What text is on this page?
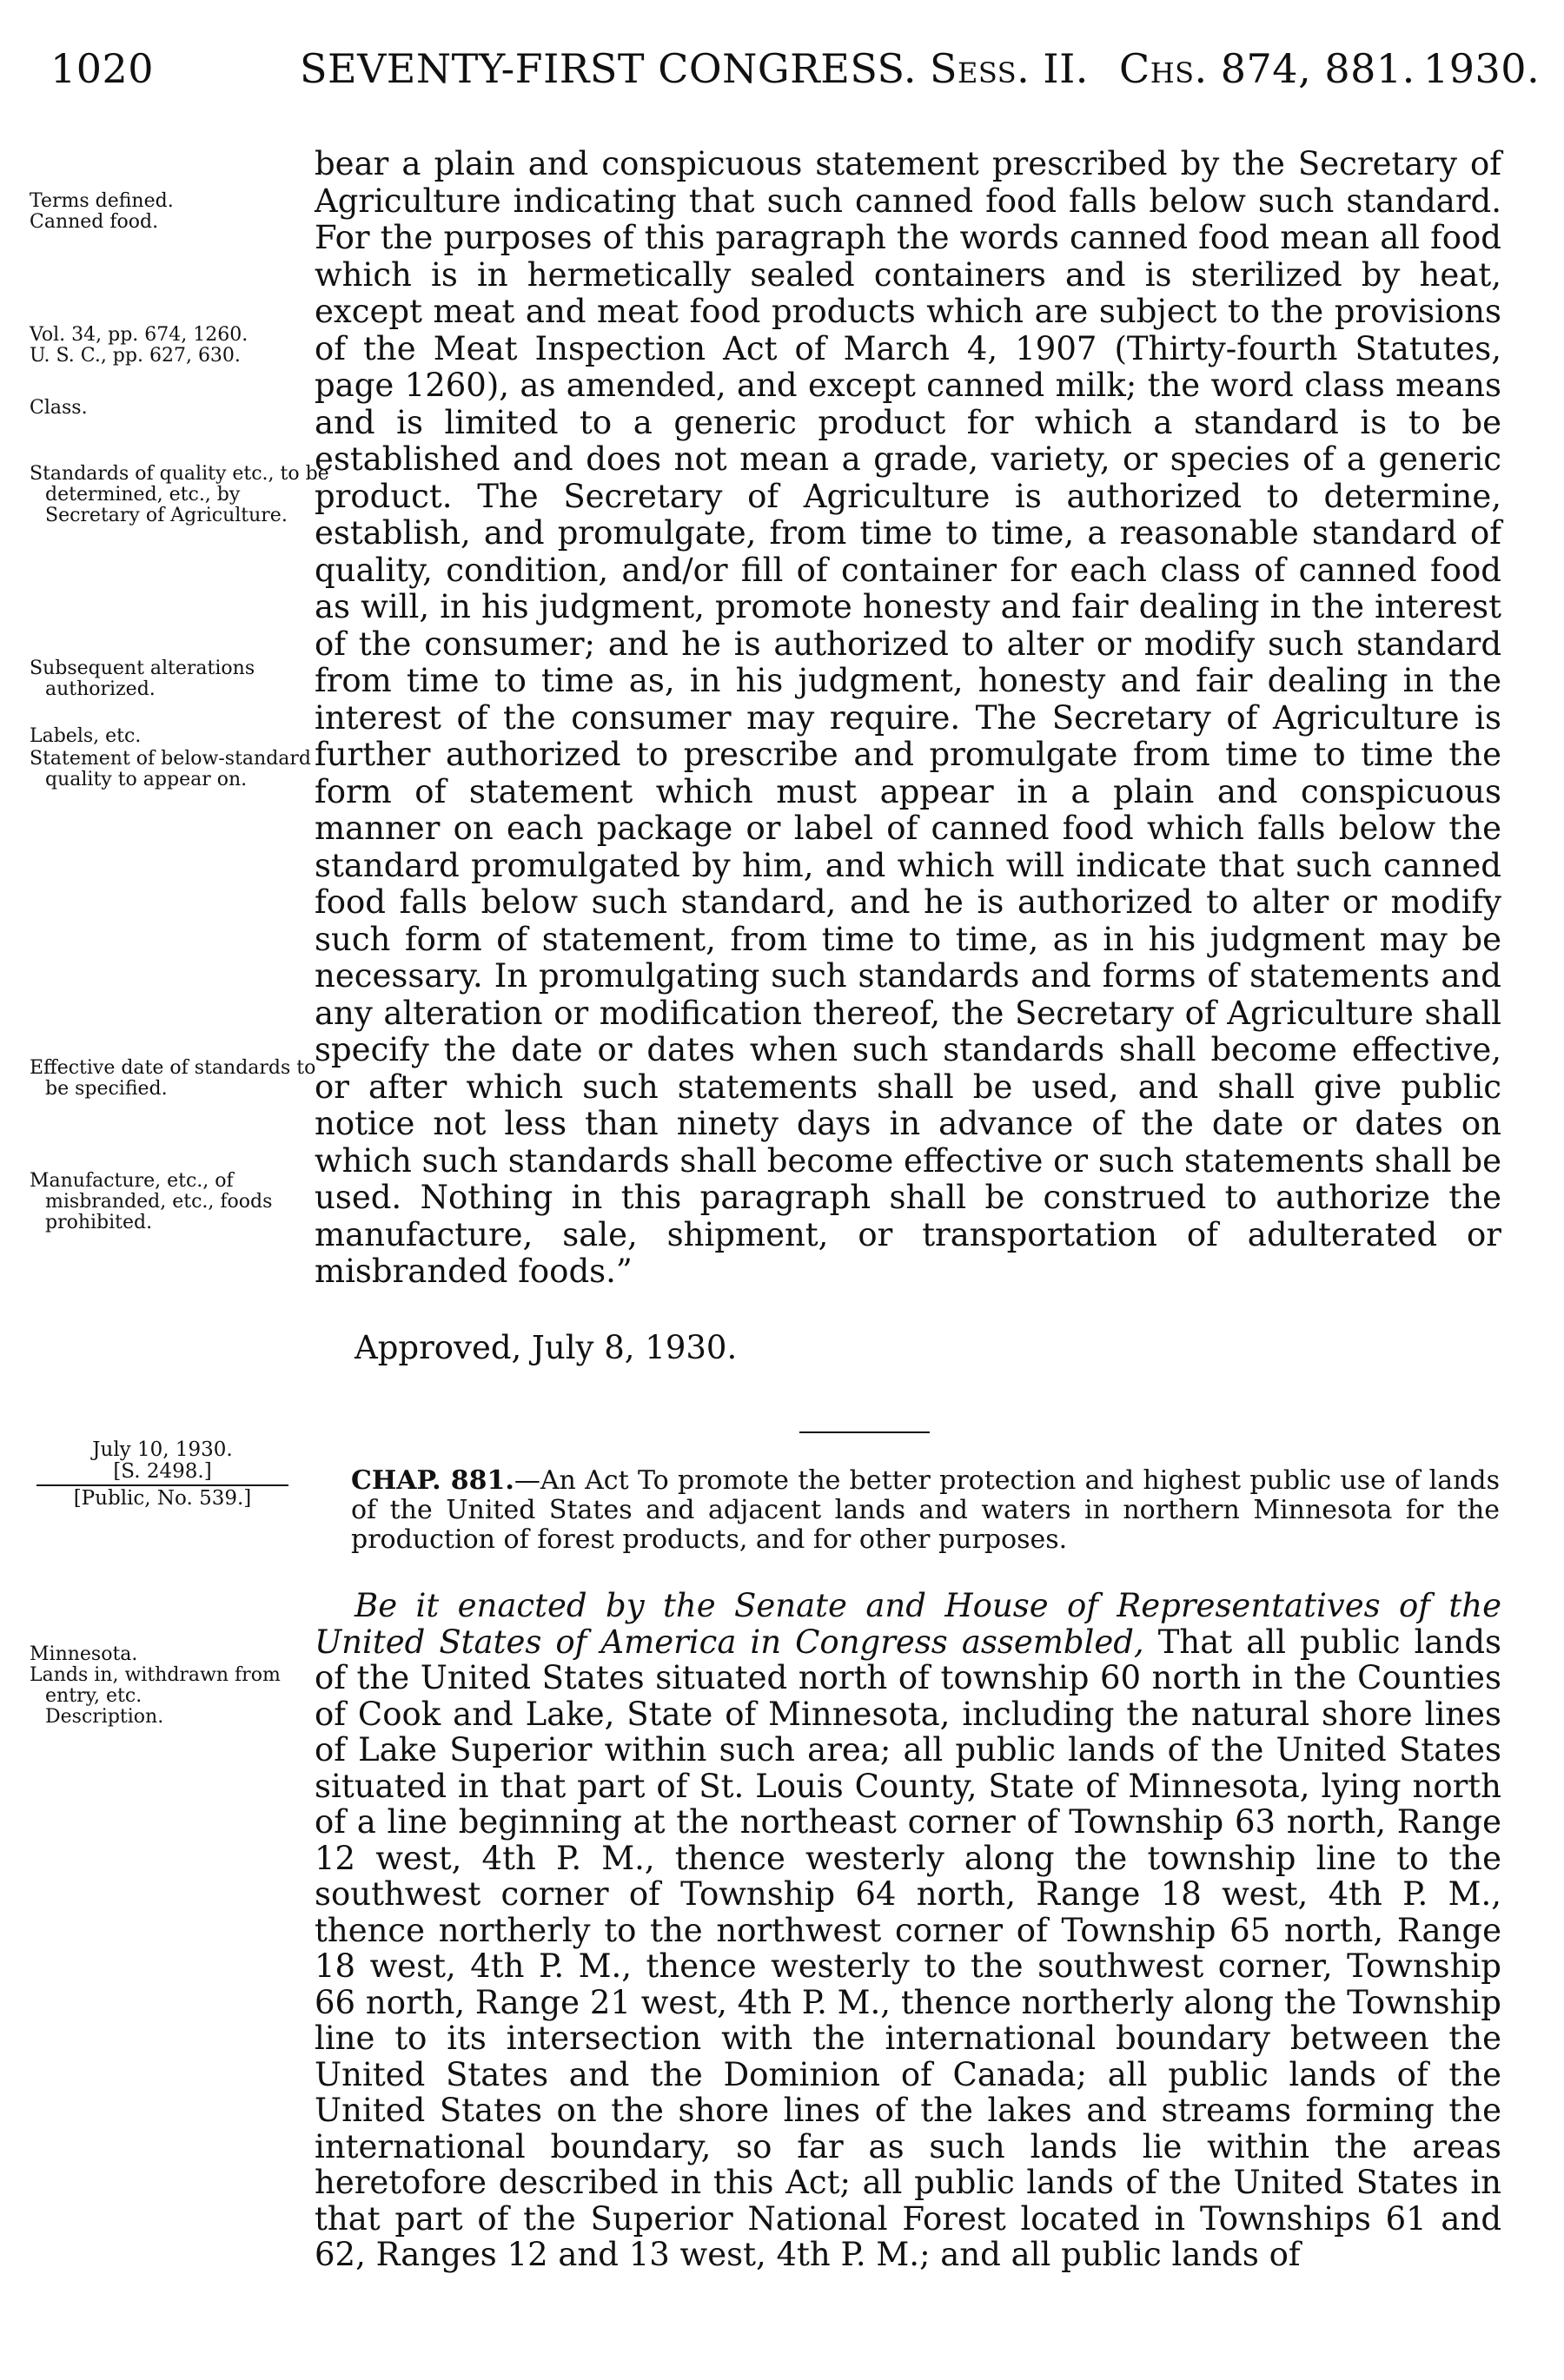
1020	SEVENTY-FIRST CONGRESS. Sess. II. Chs. 874, 881. 1930.
Terms defined.
Canned food.
Vol. 34, pp. 674, 1260.
U. S. C., pp. 627, 630.
Class.
Standards of quality etc., to be determined, etc., by Secretary of Agriculture.
Subsequent alterations authorized.
Labels, etc.
Statement of below-standard quality to appear on.
Effective date of standards to be specified.
Manufacture, etc., of misbranded, etc., foods prohibited.

bear a plain and conspicuous statement prescribed by the Secretary of Agriculture indicating that such canned food falls below such standard. For the purposes of this paragraph the words canned food mean all food which is in hermetically sealed containers and is sterilized by heat, except meat and meat food products which are subject to the provisions of the Meat Inspection Act of March 4, 1907 (Thirty-fourth Statutes, page 1260), as amended, and except canned milk; the word class means and is limited to a generic product for which a standard is to be established and does not mean a grade, variety, or species of a generic product. The Secretary of Agriculture is authorized to determine, establish, and promulgate, from time to time, a reasonable standard of quality, condition, and/or fill of container for each class of canned food as will, in his judgment, promote honesty and fair dealing in the interest of the consumer; and he is authorized to alter or modify such standard from time to time as, in his judgment, honesty and fair dealing in the interest of the consumer may require. The Secretary of Agriculture is further authorized to prescribe and promulgate from time to time the form of statement which must appear in a plain and conspicuous manner on each package or label of canned food which falls below the standard promulgated by him, and which will indicate that such canned food falls below such standard, and he is authorized to alter or modify such form of statement, from time to time, as in his judgment may be necessary. In promulgating such standards and forms of statements and any alteration or modification thereof, the Secretary of Agriculture shall specify the date or dates when such standards shall become effective, or after which such statements shall be used, and shall give public notice not less than ninety days in advance of the date or dates on which such standards shall become effective or such statements shall be used. Nothing in this paragraph shall be construed to authorize the manufacture, sale, shipment, or transportation of adulterated or misbranded foods.”

Approved, July 8, 1930.
July 10, 1930.
[S. 2498.]
[Public, No. 539.]
CHAP. 881.—An Act To promote the better protection and highest public use of lands of the United States and adjacent lands and waters in northern Minnesota for the production of forest products, and for other purposes.
Minnesota.
Lands in, withdrawn from entry, etc.
Description.
Be it enacted by the Senate and House of Representatives of the United States of America in Congress assembled, That all public lands of the United States situated north of township 60 north in the Counties of Cook and Lake, State of Minnesota, including the natural shore lines of Lake Superior within such area; all public lands of the United States situated in that part of St. Louis County, State of Minnesota, lying north of a line beginning at the northeast corner of Township 63 north, Range 12 west, 4th P. M., thence westerly along the township line to the southwest corner of Township 64 north, Range 18 west, 4th P. M., thence northerly to the northwest corner of Township 65 north, Range 18 west, 4th P. M., thence westerly to the southwest corner, Township 66 north, Range 21 west, 4th P. M., thence northerly along the Township line to its intersection with the international boundary between the United States and the Dominion of Canada; all public lands of the United States on the shore lines of the lakes and streams forming the international boundary, so far as such lands lie within the areas heretofore described in this Act; all public lands of the United States in that part of the Superior National Forest located in Townships 61 and 62, Ranges 12 and 13 west, 4th P. M.; and all public lands of
